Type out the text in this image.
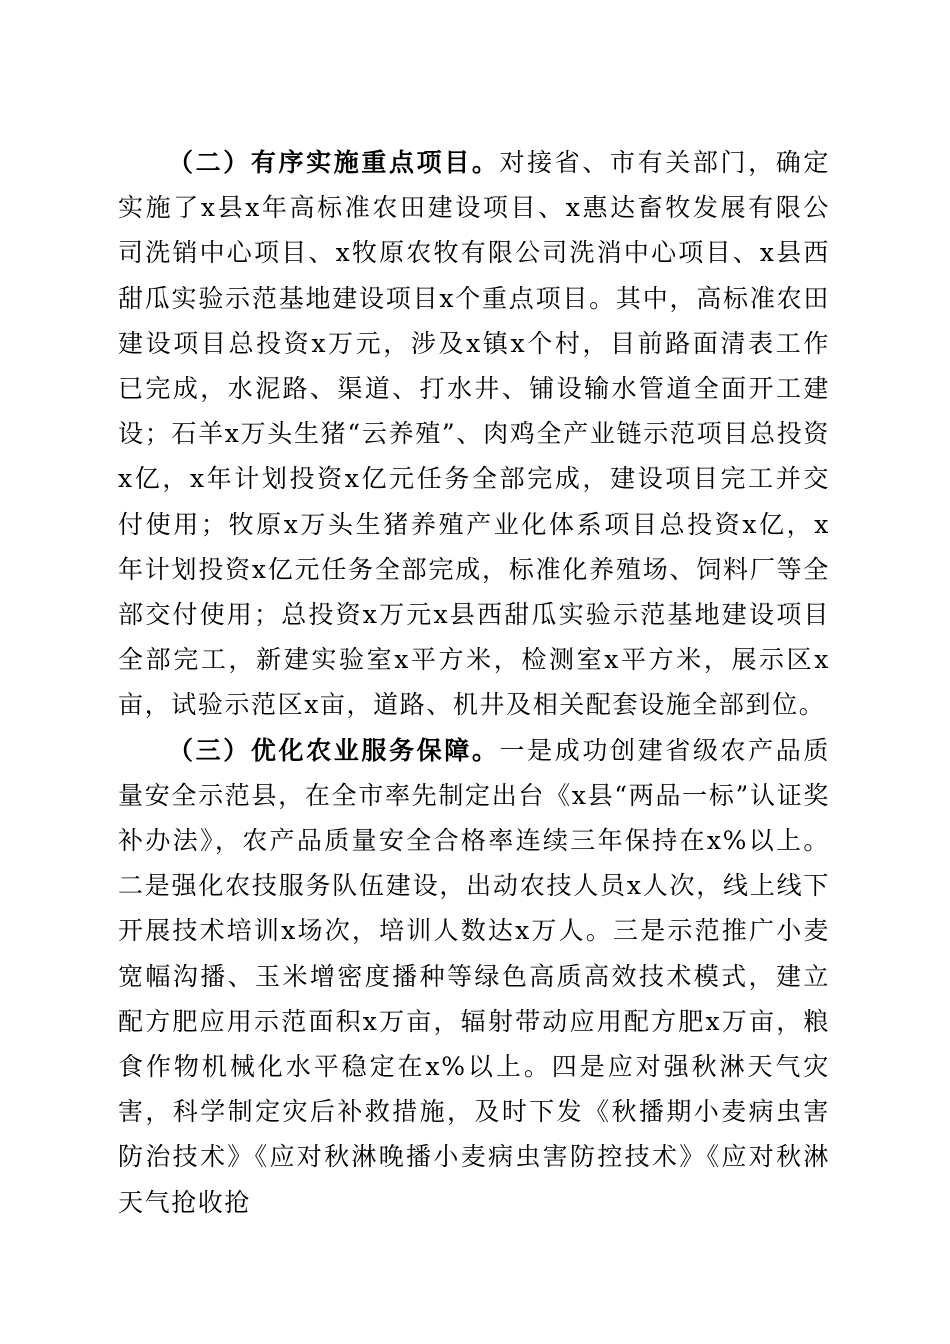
（二）有序实施重点项目。对接省、市有关部门，确定实施了x县x年高标准农田建设项目、x惠达畜牧发展有限公司洗销中心项目、x牧原农牧有限公司洗消中心项目、x县西甜瓜实验示范基地建设项目x个重点项目。其中，高标准农田建设项目总投资x万元，涉及x镇x个村，目前路面清表工作已完成，水泥路、渠道、打水井、铺设输水管道全面开工建设；石羊x万头生猪“云养殖”、肉鸡全产业链示范项目总投资x亿，x年计划投资x亿元任务全部完成，建设项目完工并交付使用；牧原x万头生猪养殖产业化体系项目总投资x亿，x年计划投资x亿元任务全部完成，标准化养殖场、饲料厂等全部交付使用；总投资x万元x县西甜瓜实验示范基地建设项目全部完工，新建实验室x平方米，检测室x平方米，展示区x亩，试验示范区x亩，道路、机井及相关配套设施全部到位。

（三）优化农业服务保障。一是成功创建省级农产品质量安全示范县，在全市率先制定出台《x县“两品一标”认证奖补办法》，农产品质量安全合格率连续三年保持在x%以上。二是强化农技服务队伍建设，出动农技人员x人次，线上线下开展技术培训x场次，培训人数达x万人。三是示范推广小麦宽幅沟播、玉米增密度播种等绿色高质高效技术模式，建立配方肥应用示范面积x万亩，辐射带动应用配方肥x万亩，粮食作物机械化水平稳定在x%以上。四是应对强秋淋天气灾害，科学制定灾后补救措施，及时下发《秋播期小麦病虫害防治技术》《应对秋淋晚播小麦病虫害防控技术》《应对秋淋天气抢收抢
